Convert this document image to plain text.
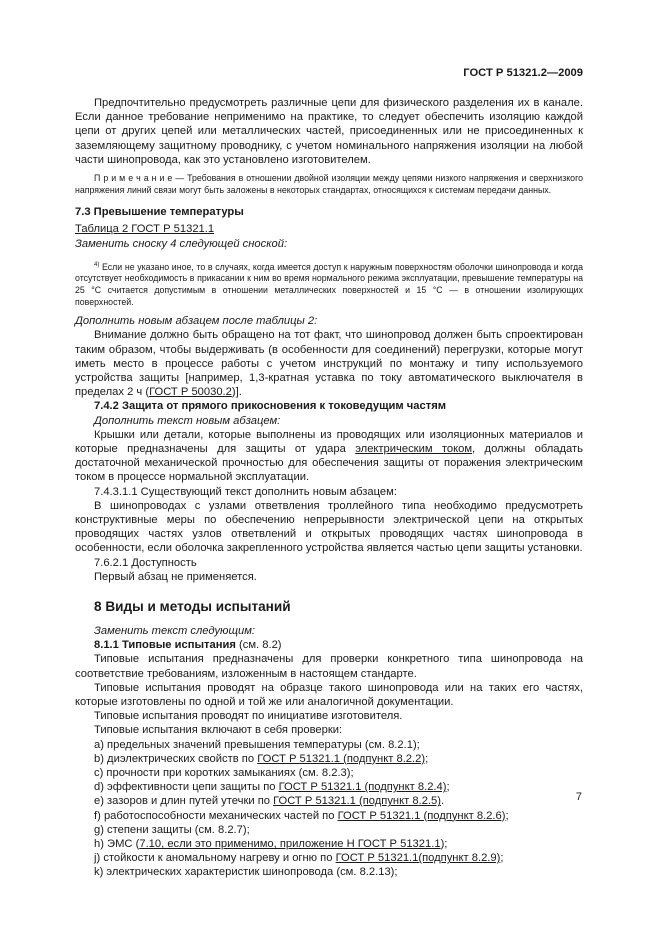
ГОСТ Р 51321.2—2009

Предпочтительно предусмотреть различные цепи для физического разделения их в канале. Если данное требование неприменимо на практике, то следует обеспечить изоляцию каждой цепи от других цепей или металлических частей, присоединенных или не присоединенных к заземляющему защитному проводнику, с учетом номинального напряжения изоляции на любой части шинопровода, как это установлено изготовителем.

П р и м е ч а н и е — Требования в отношении двойной изоляции между цепями низкого напряжения и сверхнизкого напряжения линий связи могут быть заложены в некоторых стандартах, относящихся к системам передачи данных.

7.3 Превышение температуры

Таблица 2 ГОСТ Р 51321.1

Заменить сноску 4 следующей сноской:

$^{4)}$ Если не указано иное, то в случаях, когда имеется доступ к наружным поверхностям оболочки шинопровода и когда отсутствует необходимость в прикасании к ним во время нормального режима эксплуатации, превышение температуры на 25 °С считается допустимым в отношении металлических поверхностей и 15 °С — в отношении изолирующих поверхностей.

Дополнить новым абзацем после таблицы 2:

Внимание должно быть обращено на тот факт, что шинопровод должен быть спроектирован таким образом, чтобы выдерживать (в особенности для соединений) перегрузки, которые могут иметь место в процессе работы с учетом инструкций по монтажу и типу используемого устройства защиты [например, 1,3-кратная уставка по току автоматического выключателя в пределах 2 ч (ГОСТ Р 50030.2)].

7.4.2 Защита от прямого прикосновения к токоведущим частям

Дополнить текст новым абзацем:

Крышки или детали, которые выполнены из проводящих или изоляционных материалов и которые предназначены для защиты от удара электрическим током, должны обладать достаточной механической прочностью для обеспечения защиты от поражения электрическим током в процессе нормальной эксплуатации.

7.4.3.1.1 Существующий текст дополнить новым абзацем:

В шинопроводах с узлами ответвления троллейного типа необходимо предусмотреть конструктивные меры по обеспечению непрерывности электрической цепи на открытых проводящих частях узлов ответвлений и открытых проводящих частях шинопровода в особенности, если оболочка закрепленного устройства является частью цепи защиты установки.

7.6.2.1 Доступность

Первый абзац не применяется.

8 Виды и методы испытаний

Заменить текст следующим:

8.1.1 Типовые испытания (см. 8.2)

Типовые испытания предназначены для проверки конкретного типа шинопровода на соответствие требованиям, изложенным в настоящем стандарте.

Типовые испытания проводят на образце такого шинопровода или на таких его частях, которые изготовлены по одной и той же или аналогичной документации.

Типовые испытания проводят по инициативе изготовителя.

Типовые испытания включают в себя проверки:

a) предельных значений превышения температуры (см. 8.2.1);

b) диэлектрических свойств по ГОСТ Р 51321.1 (подпункт 8.2.2);

c) прочности при коротких замыканиях (см. 8.2.3);

d) эффективности цепи защиты по ГОСТ Р 51321.1 (подпункт 8.2.4);

e) зазоров и длин путей утечки по ГОСТ Р 51321.1 (подпункт 8.2.5).

f) работоспособности механических частей по ГОСТ Р 51321.1 (подпункт 8.2.6);

g) степени защиты (см. 8.2.7);

h) ЭМС (7.10, если это применимо, приложение Н ГОСТ Р 51321.1);

j) стойкости к аномальному нагреву и огню по ГОСТ Р 51321.1(подпункт 8.2.9);

k) электрических характеристик шинопровода (см. 8.2.13);

7
